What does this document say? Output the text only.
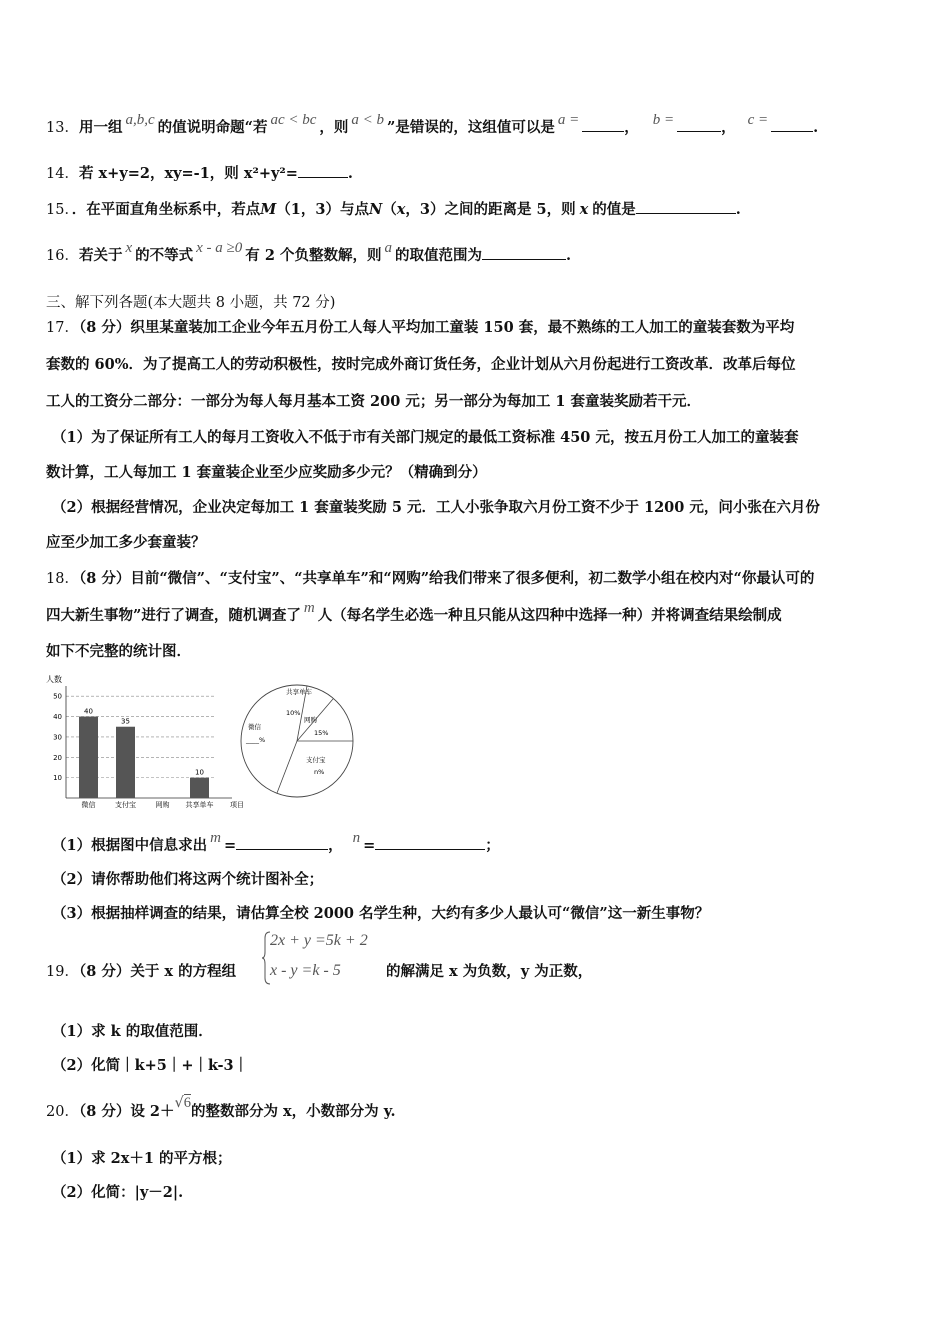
13．用一组 a,b,c 的值说明命题“若 ac < bc ，则 a < b ”是错误的，这组值可以是 a =	， b =	， c =	.
14．若 x+y=2，xy=-1，则 x²+y²=	.
15．．在平面直角坐标系中，若点M（1，3）与点N（x，3）之间的距离是 5，则 x 的值是	.
16．若关于 x 的不等式 x - a ≥0 有 2 个负整数解，则 a 的取值范围为	.
三、解下列各题(本大题共 8 小题，共 72 分)
17．（8 分）织里某童装加工企业今年五月份工人每人平均加工童装 150 套，最不熟练的工人加工的童装套数为平均
套数的 60%．为了提高工人的劳动积极性，按时完成外商订货任务，企业计划从六月份起进行工资改革．改革后每位
工人的工资分二部分：一部分为每人每月基本工资 200 元；另一部分为每加工 1 套童装奖励若干元．
（1）为了保证所有工人的每月工资收入不低于市有关部门规定的最低工资标准 450 元，按五月份工人加工的童装套
数计算，工人每加工 1 套童装企业至少应奖励多少元？（精确到分）
（2）根据经营情况，企业决定每加工 1 套童装奖励 5 元．工人小张争取六月份工资不少于 1200 元，问小张在六月份
应至少加工多少套童装？
18．（8 分）目前“微信”、“支付宝”、“共享单车”和“网购”给我们带来了很多便利，初二数学小组在校内对“你最认可的
四大新生事物”进行了调查，随机调查了 m 人（每名学生必选一种且只能从这四种中选择一种）并将调查结果绘制成
如下不完整的统计图．
人数
10
20
30
40
50
40
微信
35
支付宝	网购
10
共享单车 项目
共享单车
10%
网购
15%
支付宝
n%
微信
____%
（1）根据图中信息求出 m =	， n =	；
（2）请你帮助他们将这两个统计图补全；
（3）根据抽样调查的结果，请估算全校 2000 名学生种，大约有多少人最认可“微信”这一新生事物？
19．（8 分）关于 x 的方程组
2x + y =5k + 2
x - y =k - 5	的解满足 x 为负数，y 为正数，
（1）求 k 的取值范围．
（2）化简｜k+5｜+｜k-3｜
20．（8 分）设 2＋√6的整数部分为 x，小数部分为 y.
（1）求 2x＋1 的平方根；
（2）化简：|y－2|.
